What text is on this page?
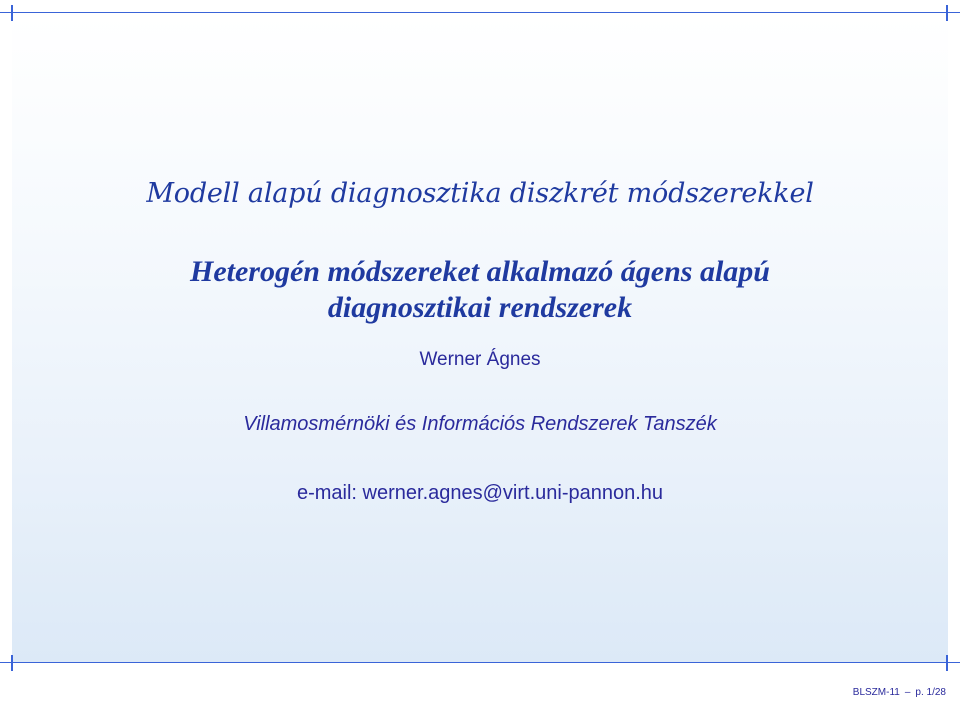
Modell alapú diagnosztika diszkrét módszerekkel
Heterogén módszereket alkalmazó ágens alapú
diagnosztikai rendszerek
Werner Ágnes
Villamosmérnöki és Információs Rendszerek Tanszék
e-mail: werner.agnes@virt.uni-pannon.hu
BLSZM-11 – p. 1/28
